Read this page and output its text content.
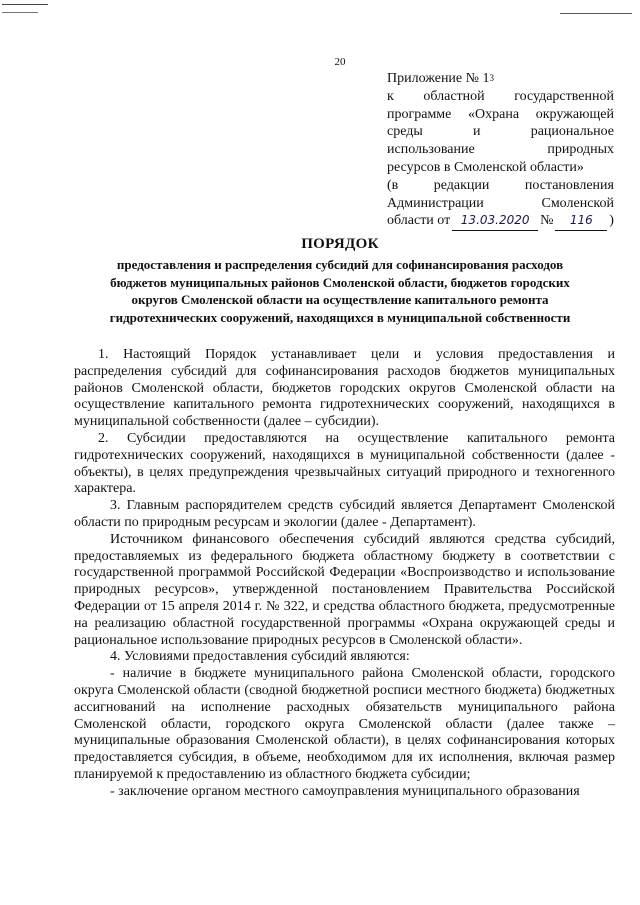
20
Приложение № 1 3
к областной государственной
программе «Охрана окружающей
среды	и	рациональное
использование	природных
ресурсов в Смоленской области»
(в	редакции	постановления
Администрации	Смоленской
области от 13.03.2020 №	116	)
ПОРЯДОК
предоставления и распределения субсидий для софинансирования расходов
бюджетов муниципальных районов Смоленской области, бюджетов городских
округов Смоленской области на осуществление капитального ремонта
гидротехнических сооружений, находящихся в муниципальной собственности

1. Настоящий Порядок устанавливает цели и условия предоставления и распределения субсидий для софинансирования расходов бюджетов муниципальных районов Смоленской области, бюджетов городских округов Смоленской области на осуществление капитального ремонта гидротехнических сооружений, находящихся в муниципальной собственности (далее – субсидии).

2. Субсидии предоставляются на осуществление капитального ремонта гидротехнических сооружений, находящихся в муниципальной собственности (далее - объекты), в целях предупреждения чрезвычайных ситуаций природного и техногенного характера.

3. Главным распорядителем средств субсидий является Департамент Смоленской области по природным ресурсам и экологии (далее - Департамент).

Источником финансового обеспечения субсидий являются средства субсидий, предоставляемых из федерального бюджета областному бюджету в соответствии с государственной программой Российской Федерации «Воспроизводство и использование природных ресурсов», утвержденной постановлением Правительства Российской Федерации от 15 апреля 2014 г. № 322, и средства областного бюджета, предусмотренные на реализацию областной государственной программы «Охрана окружающей среды и рациональное использование природных ресурсов в Смоленской области».

4. Условиями предоставления субсидий являются:

- наличие в бюджете муниципального района Смоленской области, городского округа Смоленской области (сводной бюджетной росписи местного бюджета) бюджетных ассигнований на исполнение расходных обязательств муниципального района Смоленской области, городского округа Смоленской области (далее также – муниципальные образования Смоленской области), в целях софинансирования которых предоставляется субсидия, в объеме, необходимом для их исполнения, включая размер планируемой к предоставлению из областного бюджета субсидии;

- заключение органом местного самоуправления муниципального образования
